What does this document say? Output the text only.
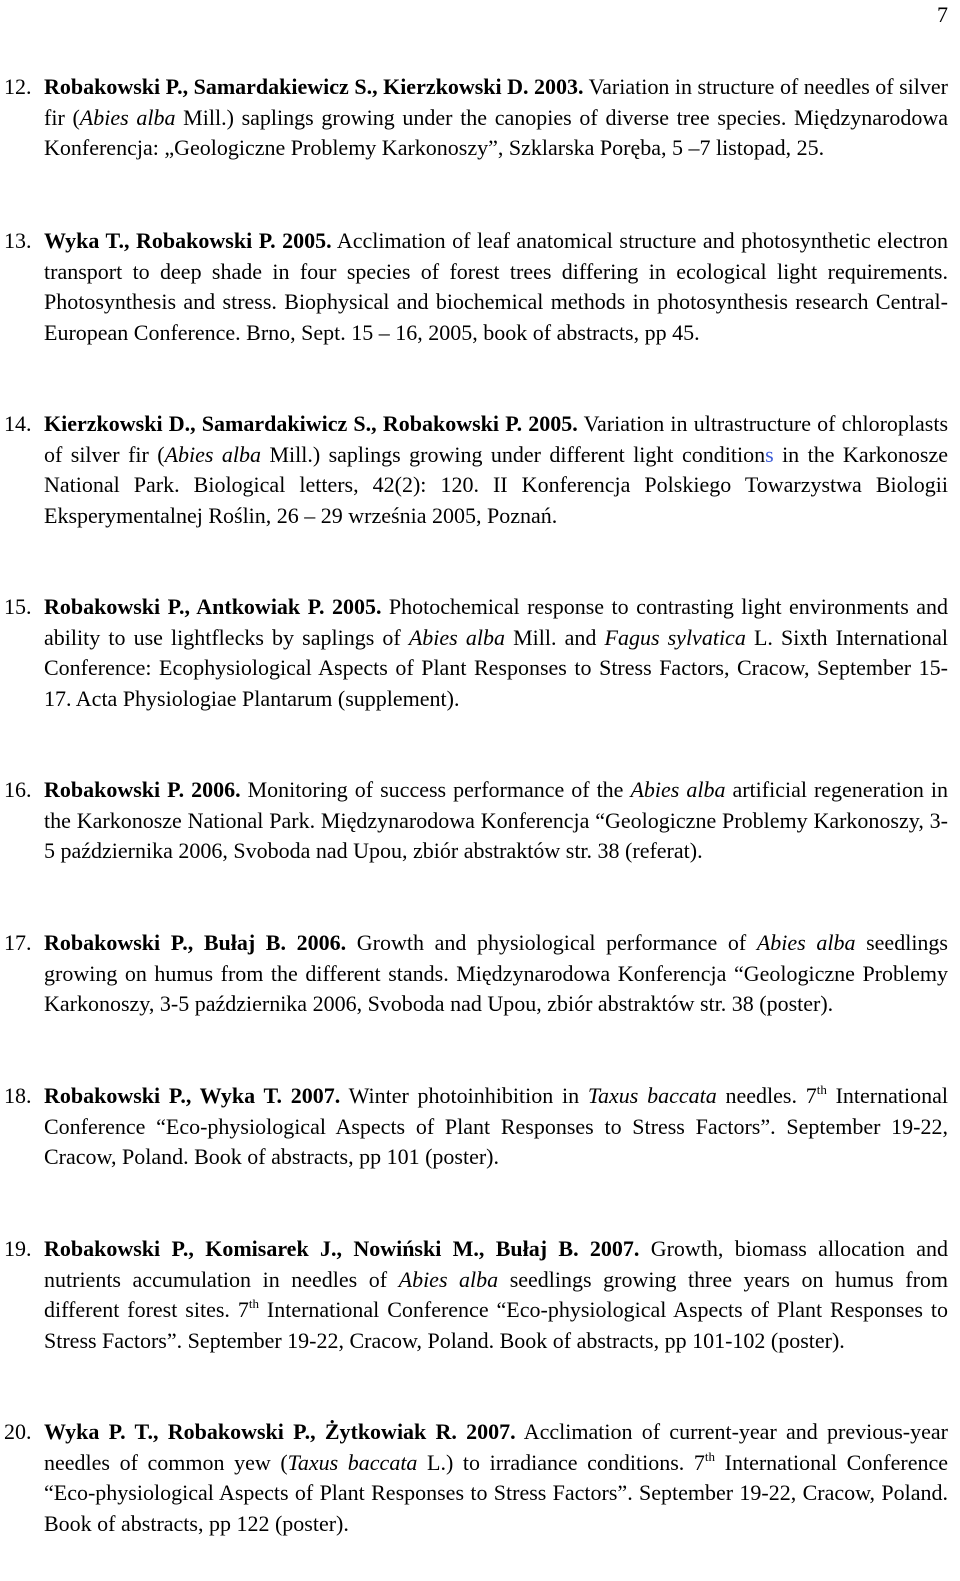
7
12. Robakowski P., Samardakiewicz S., Kierzkowski D. 2003. Variation in structure of needles of silver fir (Abies alba Mill.) saplings growing under the canopies of diverse tree species. Międzynarodowa Konferencja: „Geologiczne Problemy Karkonoszy”, Szklarska Poręba, 5 –7 listopad, 25.
13. Wyka T., Robakowski P. 2005. Acclimation of leaf anatomical structure and photosynthetic electron transport to deep shade in four species of forest trees differing in ecological light requirements. Photosynthesis and stress. Biophysical and biochemical methods in photosynthesis research Central-European Conference. Brno, Sept. 15 – 16, 2005, book of abstracts, pp 45.
14. Kierzkowski D., Samardakiwicz S., Robakowski P. 2005. Variation in ultrastructure of chloroplasts of silver fir (Abies alba Mill.) saplings growing under different light conditions in the Karkonosze National Park. Biological letters, 42(2): 120. II Konferencja Polskiego Towarzystwa Biologii Eksperymentalnej Roślin, 26 – 29 września 2005, Poznań.
15. Robakowski P., Antkowiak P. 2005. Photochemical response to contrasting light environments and ability to use lightflecks by saplings of Abies alba Mill. and Fagus sylvatica L. Sixth International Conference: Ecophysiological Aspects of Plant Responses to Stress Factors, Cracow, September 15-17. Acta Physiologiae Plantarum (supplement).
16. Robakowski P. 2006. Monitoring of success performance of the Abies alba artificial regeneration in the Karkonosze National Park. Międzynarodowa Konferencja “Geologiczne Problemy Karkonoszy, 3-5 października 2006, Svoboda nad Upou, zbiór abstraktów str. 38 (referat).
17. Robakowski P., Bułaj B. 2006. Growth and physiological performance of Abies alba seedlings growing on humus from the different stands. Międzynarodowa Konferencja “Geologiczne Problemy Karkonoszy, 3-5 października 2006, Svoboda nad Upou, zbiór abstraktów str. 38 (poster).
18. Robakowski P., Wyka T. 2007. Winter photoinhibition in Taxus baccata needles. 7th International Conference “Eco-physiological Aspects of Plant Responses to Stress Factors”. September 19-22, Cracow, Poland. Book of abstracts, pp 101 (poster).
19. Robakowski P., Komisarek J., Nowiński M., Bułaj B. 2007. Growth, biomass allocation and nutrients accumulation in needles of Abies alba seedlings growing three years on humus from different forest sites. 7th International Conference “Eco-physiological Aspects of Plant Responses to Stress Factors”. September 19-22, Cracow, Poland. Book of abstracts, pp 101-102 (poster).
20. Wyka P. T., Robakowski P., Żytkowiak R. 2007. Acclimation of current-year and previous-year needles of common yew (Taxus baccata L.) to irradiance conditions. 7th International Conference “Eco-physiological Aspects of Plant Responses to Stress Factors”. September 19-22, Cracow, Poland. Book of abstracts, pp 122 (poster).
